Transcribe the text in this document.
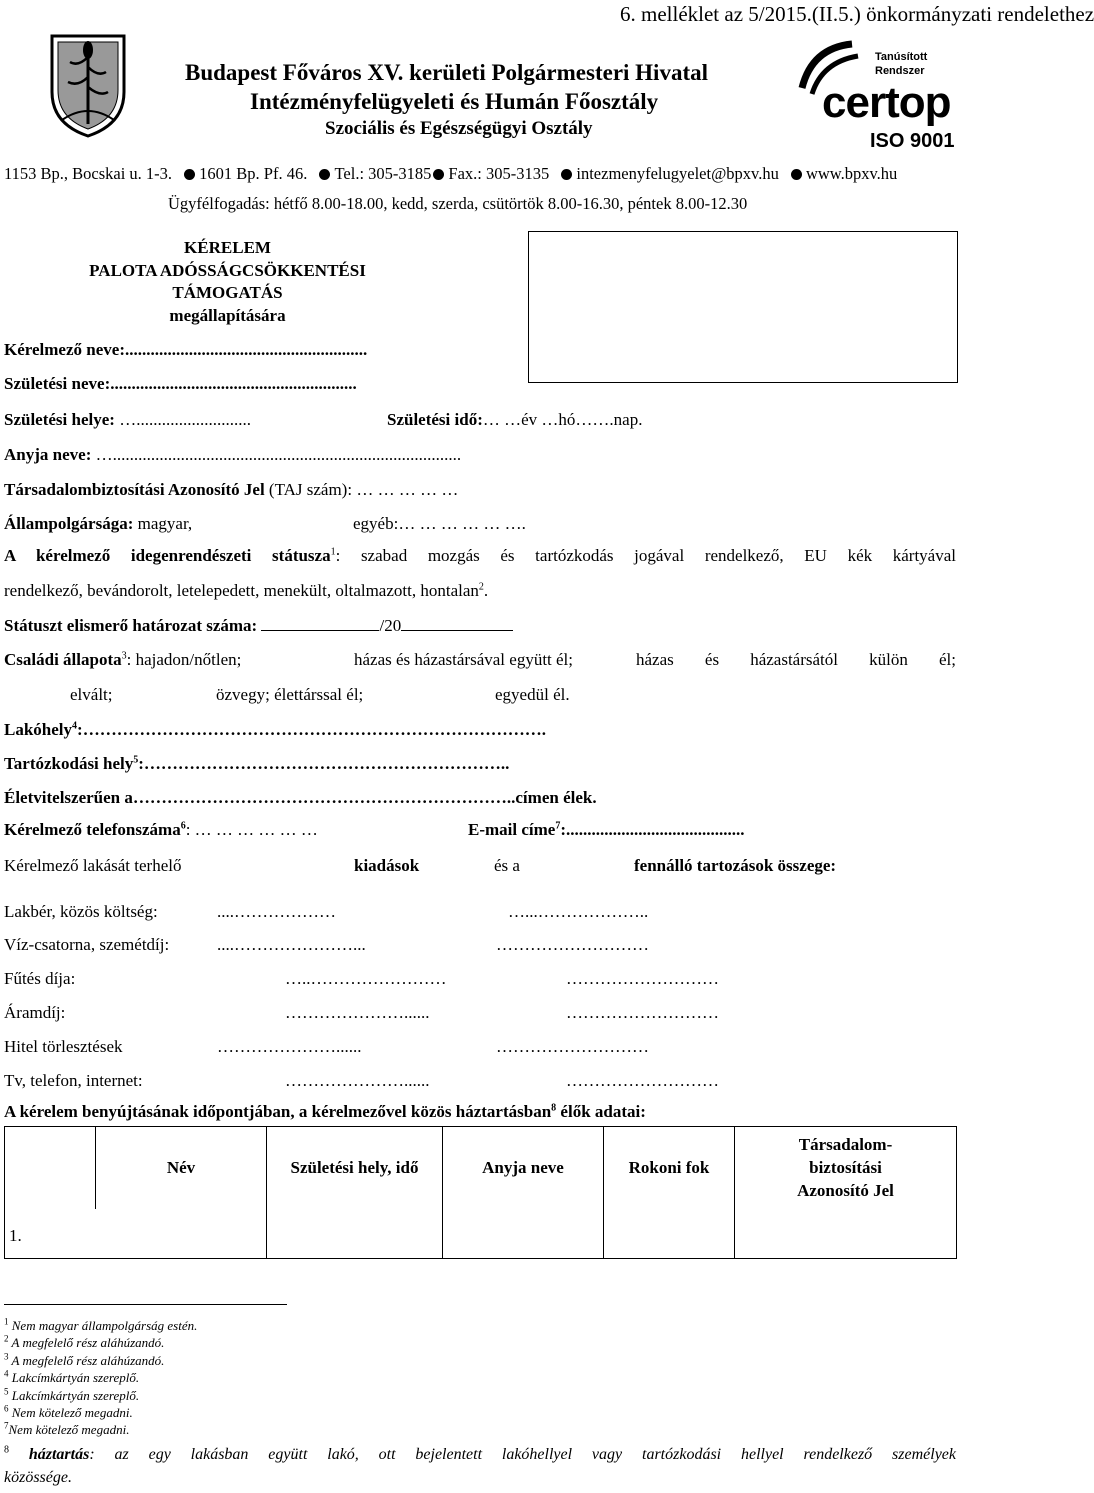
6. melléklet az 5/2015.(II.5.) önkormányzati rendelethez
Budapest Főváros XV. kerületi Polgármesteri Hivatal
Intézményfelügyeleti és Humán Főosztály
Szociális és Egészségügyi Osztály
Tanúsított
Rendszer
certop
ISO 9001
1153 Bp., Bocskai u. 1-3. 1601 Bp. Pf. 46. Tel.: 305-3185 Fax.: 305-3135 intezmenyfelugyelet@bpxv.hu www.bpxv.hu
Ügyfélfogadás: hétfő 8.00-18.00, kedd, szerda, csütörtök 8.00-16.30, péntek 8.00-12.30
KÉRELEM
PALOTA ADÓSSÁGCSÖKKENTÉSI
TÁMOGATÁS
megállapítására
Kérelmező neve:.........................................................
Születési neve:..........................................................
Születési helye: …...........................	Születési idő:… …év …hó…….nap.
Anyja neve: …..................................................................................
Társadalombiztosítási Azonosító Jel (TAJ szám): … … … … …
Állampolgársága: magyar,	egyéb:… … … … … ….
A kérelmező idegenrendészeti státusza$^1$: szabad mozgás és tartózkodás jogával rendelkező, EU kék kártyával
rendelkező, bevándorolt, letelepedett, menekült, oltalmazott, hontalan$^2$.
Státuszt elismerő határozat száma:	/20
Családi állapota$^3$: hajadon/nőtlen;	házas és házastársával együtt él;	házas és házastársától külön él;
elvált;	özvegy; élettárssal él;	egyedül él.
Lakóhely$^4$:……………………………………………………………………….
Tartózkodási hely$^5$:………………………………………………………..
Életvitelszerűen a…………………………………………………………..címen élek.
Kérelmező telefonszáma$^6$: … … … … … …	E-mail címe$^7$:..........................................
Kérelmező lakását terhelő	kiadások	és a	fennálló tartozások összege:
Lakbér, közös költség:	....………………	…...………………..
Víz-csatorna, szemétdíj:	....…………………...	………………………
Fűtés díja:	…..……………………	………………………
Áramdíj:	…………………......	………………………
Hitel törlesztések	…………………......	………………………
Tv, telefon, internet:	…………………......	………………………
A kérelem benyújtásának időpontjában, a kérelmezővel közös háztartásban$^8$ élők adatai:
	Név	Születési hely, idő	Anyja neve	Rokoni fok	Társadalom-
biztosítási
Azonosító Jel

1.					
$^1$ Nem magyar állampolgárság estén.
$^2$ A megfelelő rész aláhúzandó.
$^3$ A megfelelő rész aláhúzandó.
$^4$ Lakcímkártyán szereplő.
$^5$ Lakcímkártyán szereplő.
$^6$ Nem kötelező megadni.
$^7$Nem kötelező megadni.
$^8$ háztartás: az egy lakásban együtt lakó, ott bejelentett lakóhellyel vagy tartózkodási hellyel rendelkező személyek
közössége.
